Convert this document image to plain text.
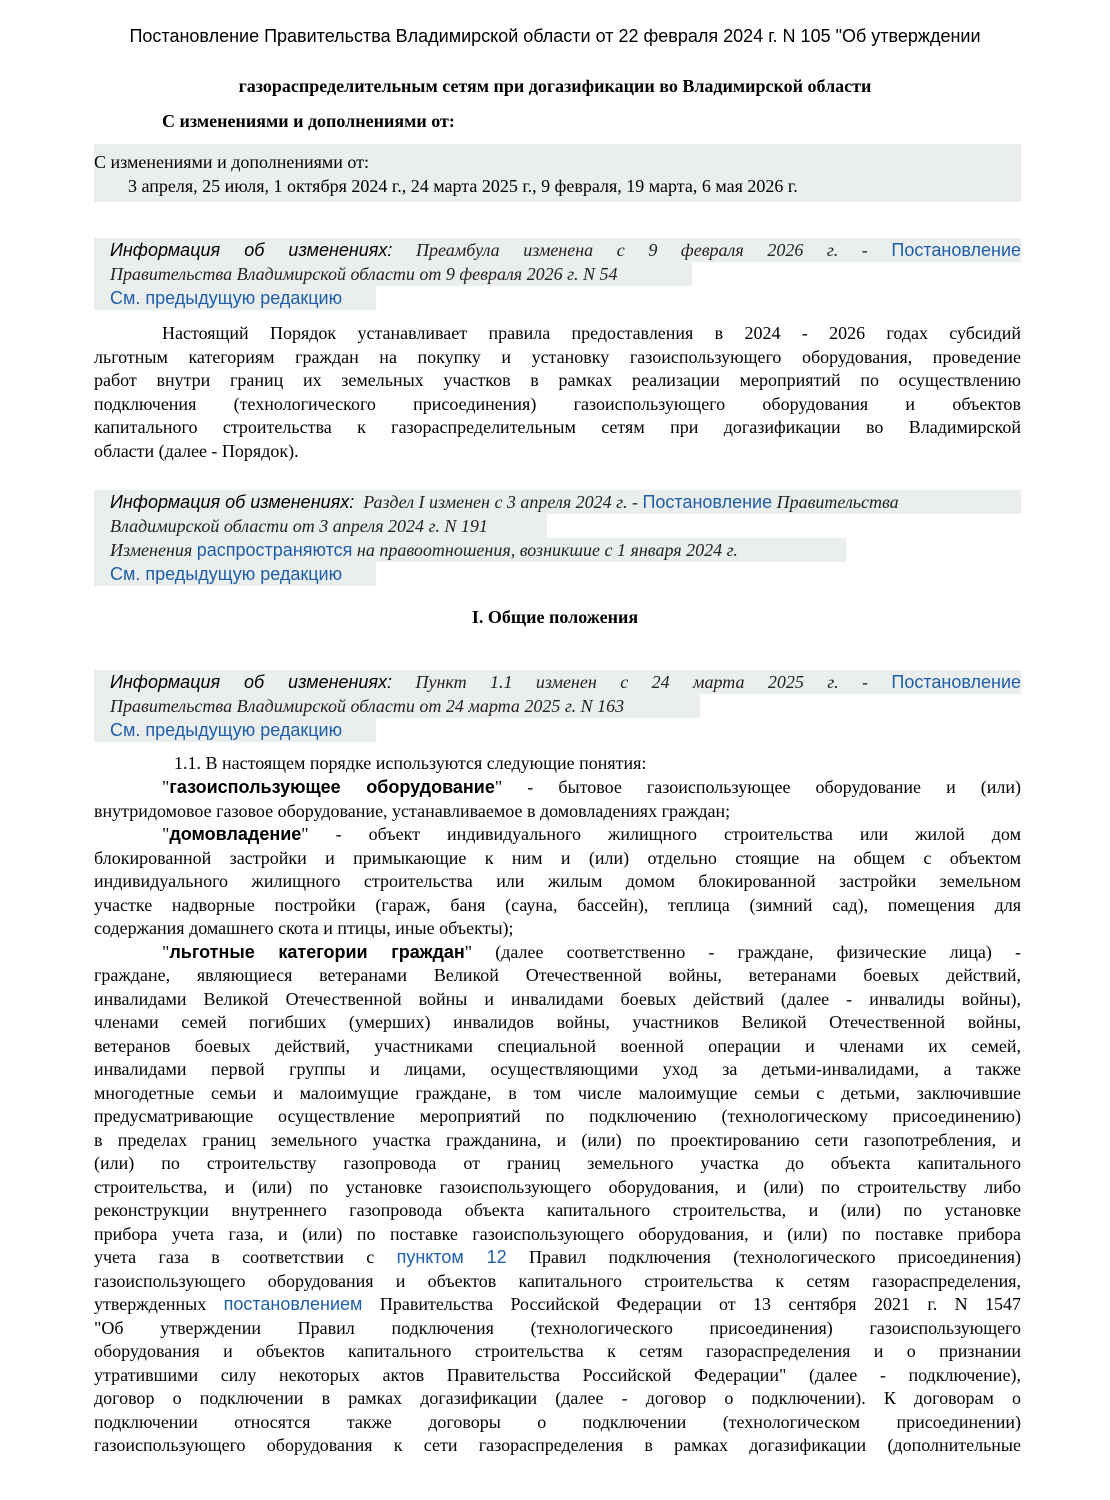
Постановление Правительства Владимирской области от 22 февраля 2024 г. N 105 "Об утверждении
газораспределительным сетям при догазификации во Владимирской области
С изменениями и дополнениями от:
С изменениями и дополнениями от:
3 апреля, 25 июля, 1 октября 2024 г., 24 марта 2025 г., 9 февраля, 19 марта, 6 мая 2026 г.
Информация об изменениях: Преамбула изменена с 9 февраля 2026 г. - Постановление
Правительства Владимирской области от 9 февраля 2026 г. N 54
См. предыдущую редакцию
Настоящий Порядок устанавливает правила предоставления в 2024 - 2026 годах субсидий
льготным категориям граждан на покупку и установку газоиспользующего оборудования, проведение
работ внутри границ их земельных участков в рамках реализации мероприятий по осуществлению
подключения (технологического присоединения) газоиспользующего оборудования и объектов
капитального строительства к газораспределительным сетям при догазификации во Владимирской
области (далее - Порядок).
Информация об изменениях: Раздел I изменен с 3 апреля 2024 г. - Постановление Правительства
Владимирской области от 3 апреля 2024 г. N 191
Изменения распространяются на правоотношения, возникшие с 1 января 2024 г.
См. предыдущую редакцию
I. Общие положения
Информация об изменениях: Пункт 1.1 изменен с 24 марта 2025 г. - Постановление
Правительства Владимирской области от 24 марта 2025 г. N 163
См. предыдущую редакцию
1.1. В настоящем порядке используются следующие понятия:
"газоиспользующее оборудование" - бытовое газоиспользующее оборудование и (или)
внутридомовое газовое оборудование, устанавливаемое в домовладениях граждан;
"домовладение" - объект индивидуального жилищного строительства или жилой дом
блокированной застройки и примыкающие к ним и (или) отдельно стоящие на общем с объектом
индивидуального жилищного строительства или жилым домом блокированной застройки земельном
участке надворные постройки (гараж, баня (сауна, бассейн), теплица (зимний сад), помещения для
содержания домашнего скота и птицы, иные объекты);
"льготные категории граждан" (далее соответственно - граждане, физические лица) -
граждане, являющиеся ветеранами Великой Отечественной войны, ветеранами боевых действий,
инвалидами Великой Отечественной войны и инвалидами боевых действий (далее - инвалиды войны),
членами семей погибших (умерших) инвалидов войны, участников Великой Отечественной войны,
ветеранов боевых действий, участниками специальной военной операции и членами их семей,
инвалидами первой группы и лицами, осуществляющими уход за детьми-инвалидами, а также
многодетные семьи и малоимущие граждане, в том числе малоимущие семьи с детьми, заключившие
предусматривающие осуществление мероприятий по подключению (технологическому присоединению)
в пределах границ земельного участка гражданина, и (или) по проектированию сети газопотребления, и
(или) по строительству газопровода от границ земельного участка до объекта капитального
строительства, и (или) по установке газоиспользующего оборудования, и (или) по строительству либо
реконструкции внутреннего газопровода объекта капитального строительства, и (или) по установке
прибора учета газа, и (или) по поставке газоиспользующего оборудования, и (или) по поставке прибора
учета газа в соответствии с пунктом 12 Правил подключения (технологического присоединения)
газоиспользующего оборудования и объектов капитального строительства к сетям газораспределения,
утвержденных постановлением Правительства Российской Федерации от 13 сентября 2021 г. N 1547
"Об утверждении Правил подключения (технологического присоединения) газоиспользующего
оборудования и объектов капитального строительства к сетям газораспределения и о признании
утратившими силу некоторых актов Правительства Российской Федерации" (далее - подключение),
договор о подключении в рамках догазификации (далее - договор о подключении). К договорам о
подключении относятся также договоры о подключении (технологическом присоединении)
газоиспользующего оборудования к сети газораспределения в рамках догазификации (дополнительные
